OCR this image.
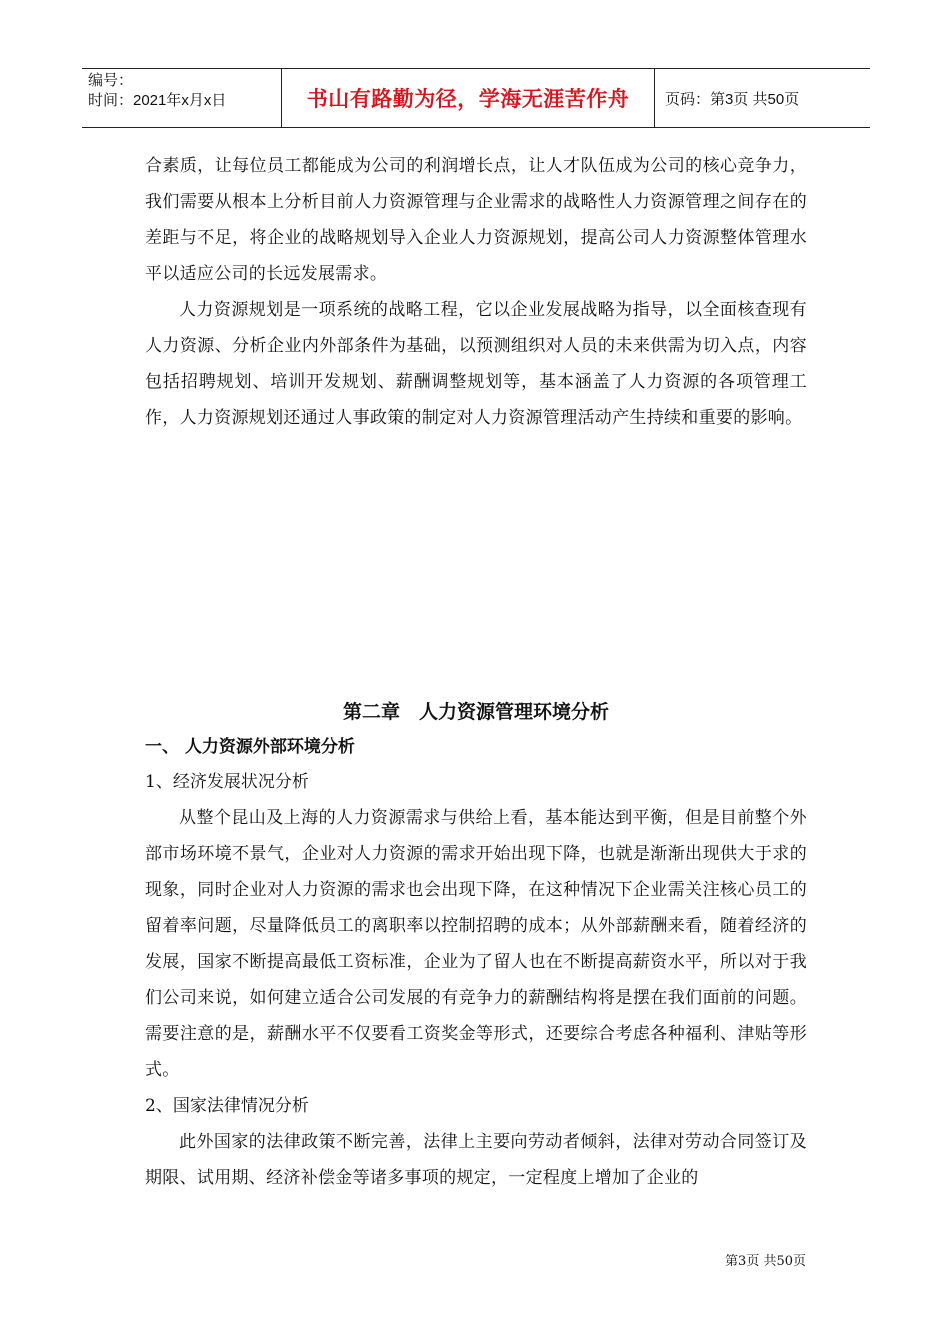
编号：
时间：2021年x月x日	书山有路勤为径，学海无涯苦作舟	页码：第3页 共50页

合素质，让每位员工都能成为公司的利润增长点，让人才队伍成为公司的核心竞争力，我们需要从根本上分析目前人力资源管理与企业需求的战略性人力资源管理之间存在的差距与不足，将企业的战略规划导入企业人力资源规划，提高公司人力资源整体管理水平以适应公司的长远发展需求。

人力资源规划是一项系统的战略工程，它以企业发展战略为指导，以全面核查现有人力资源、分析企业内外部条件为基础，以预测组织对人员的未来供需为切入点，内容包括招聘规划、培训开发规划、薪酬调整规划等，基本涵盖了人力资源的各项管理工作，人力资源规划还通过人事政策的制定对人力资源管理活动产生持续和重要的影响。

第二章　人力资源管理环境分析

一、 人力资源外部环境分析

1、经济发展状况分析

从整个昆山及上海的人力资源需求与供给上看，基本能达到平衡，但是目前整个外部市场环境不景气，企业对人力资源的需求开始出现下降，也就是渐渐出现供大于求的现象，同时企业对人力资源的需求也会出现下降，在这种情况下企业需关注核心员工的留着率问题，尽量降低员工的离职率以控制招聘的成本；从外部薪酬来看，随着经济的发展，国家不断提高最低工资标准，企业为了留人也在不断提高薪资水平，所以对于我们公司来说，如何建立适合公司发展的有竞争力的薪酬结构将是摆在我们面前的问题。需要注意的是，薪酬水平不仅要看工资奖金等形式，还要综合考虑各种福利、津贴等形式。

2、国家法律情况分析

此外国家的法律政策不断完善，法律上主要向劳动者倾斜，法律对劳动合同签订及期限、试用期、经济补偿金等诸多事项的规定，一定程度上增加了企业的

第3页 共50页
